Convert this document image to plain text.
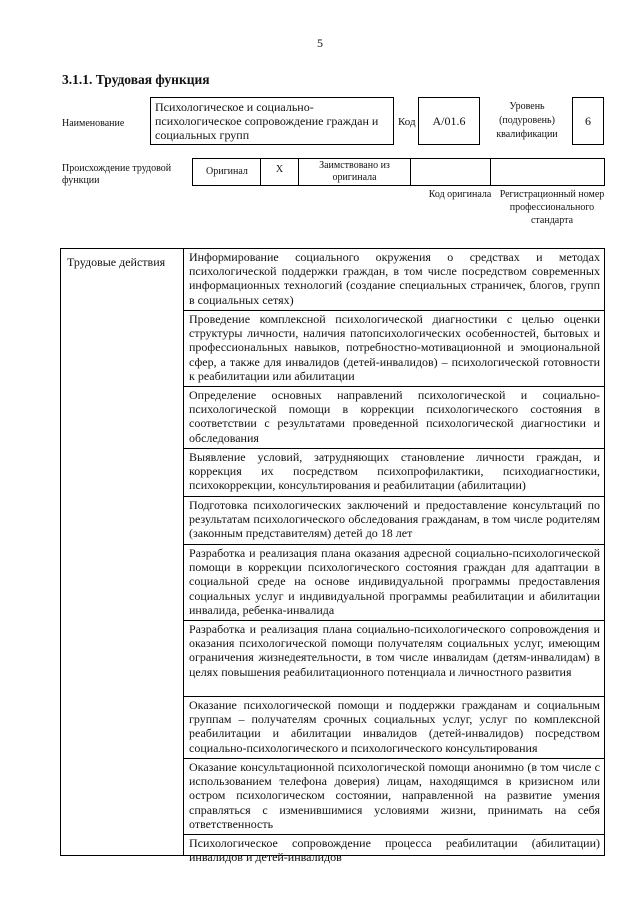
5
3.1.1. Трудовая функция
Наименование
Психологическое и социально-психологическое сопровождение граждан и социальных групп
Код	А/01.6
Уровень (подуровень) квалификации
6
Происхождение трудовой функции
Оригинал	X	Заимствовано из оригинала
Код оригинала Регистрационный номер профессионального стандарта
Трудовые действия	Информирование социального окружения о средствах и методах психологической поддержки граждан, в том числе посредством современных информационных технологий (создание специальных страничек, блогов, групп в социальных сетях)
Проведение комплексной психологической диагностики с целью оценки структуры личности, наличия патопсихологических особенностей, бытовых и профессиональных навыков, потребностно-мотивационной и эмоциональной сфер, а также для инвалидов (детей-инвалидов) – психологической готовности к реабилитации или абилитации
Определение основных направлений психологической и социально-психологической помощи в коррекции психологического состояния в соответствии с результатами проведенной психологической диагностики и обследования
Выявление условий, затрудняющих становление личности граждан, и коррекция их посредством психопрофилактики, психодиагностики, психокоррекции, консультирования и реабилитации (абилитации)
Подготовка психологических заключений и предоставление консультаций по результатам психологического обследования гражданам, в том числе родителям (законным представителям) детей до 18 лет
Разработка и реализация плана оказания адресной социально-психологической помощи в коррекции психологического состояния граждан для адаптации в социальной среде на основе индивидуальной программы предоставления социальных услуг и индивидуальной программы реабилитации и абилитации инвалида, ребенка-инвалида
Разработка и реализация плана социально-психологического сопровождения и оказания психологической помощи получателям социальных услуг, имеющим ограничения жизнедеятельности, в том числе инвалидам (детям-инвалидам) в целях повышения реабилитационного потенциала и личностного развития
Оказание психологической помощи и поддержки гражданам и социальным группам – получателям срочных социальных услуг, услуг по комплексной реабилитации и абилитации инвалидов (детей-инвалидов) посредством социально-психологического и психологического консультирования
Оказание консультационной психологической помощи анонимно (в том числе с использованием телефона доверия) лицам, находящимся в кризисном или остром психологическом состоянии, направленной на развитие умения справляться с изменившимися условиями жизни, принимать на себя ответственность
Психологическое сопровождение процесса реабилитации (абилитации) инвалидов и детей-инвалидов
